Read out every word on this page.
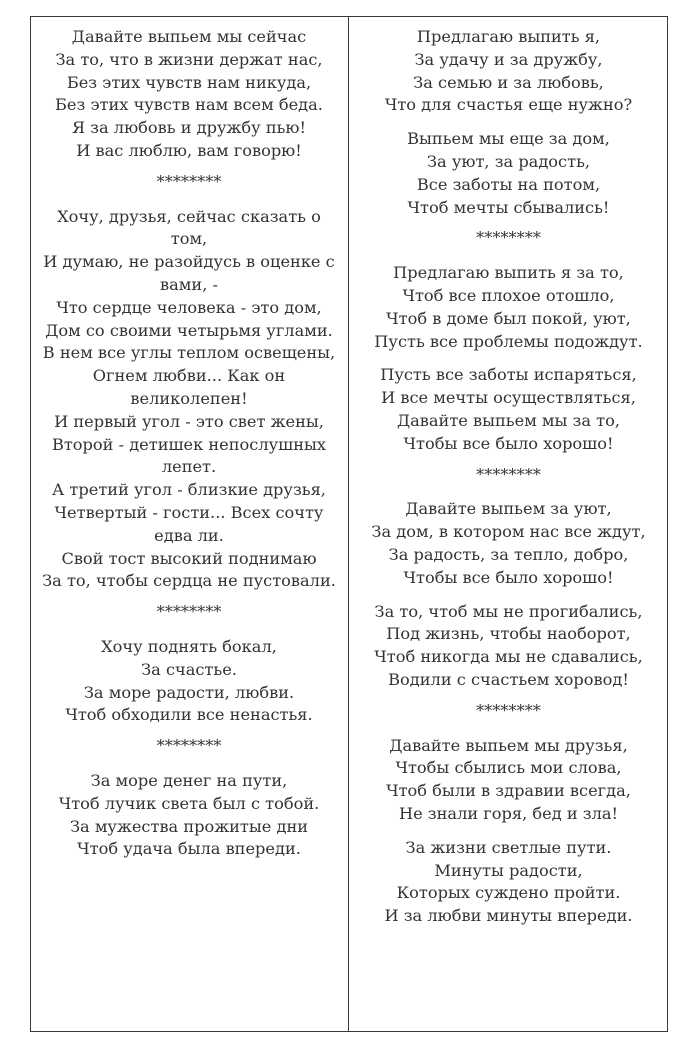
Давайте выпьем мы сейчас
За то, что в жизни держат нас,
Без этих чувств нам никуда,
Без этих чувств нам всем беда.
Я за любовь и дружбу пью!
И вас люблю, вам говорю!
********
Хочу, друзья, сейчас сказать о
том,
И думаю, не разойдусь в оценке с
вами, -
Что сердце человека - это дом,
Дом со своими четырьмя углами.
В нем все углы теплом освещены,
Огнем любви... Как он
великолепен!
И первый угол - это свет жены,
Второй - детишек непослушных
лепет.
А третий угол - близкие друзья,
Четвертый - гости... Всех сочту
едва ли.
Свой тост высокий поднимаю
За то, чтобы сердца не пустовали.
********
Хочу поднять бокал,
За счастье.
За море радости, любви.
Чтоб обходили все ненастья.
********
За море денег на пути,
Чтоб лучик света был с тобой.
За мужества прожитые дни
Чтоб удача была впереди.
Предлагаю выпить я,
За удачу и за дружбу,
За семью и за любовь,
Что для счастья еще нужно?
Выпьем мы еще за дом,
За уют, за радость,
Все заботы на потом,
Чтоб мечты сбывались!
********
Предлагаю выпить я за то,
Чтоб все плохое отошло,
Чтоб в доме был покой, уют,
Пусть все проблемы подождут.
Пусть все заботы испаряться,
И все мечты осуществляться,
Давайте выпьем мы за то,
Чтобы все было хорошо!
********
Давайте выпьем за уют,
За дом, в котором нас все ждут,
За радость, за тепло, добро,
Чтобы все было хорошо!
За то, чтоб мы не прогибались,
Под жизнь, чтобы наоборот,
Чтоб никогда мы не сдавались,
Водили с счастьем хоровод!
********
Давайте выпьем мы друзья,
Чтобы сбылись мои слова,
Чтоб были в здравии всегда,
Не знали горя, бед и зла!
За жизни светлые пути.
Минуты радости,
Которых суждено пройти.
И за любви минуты впереди.
